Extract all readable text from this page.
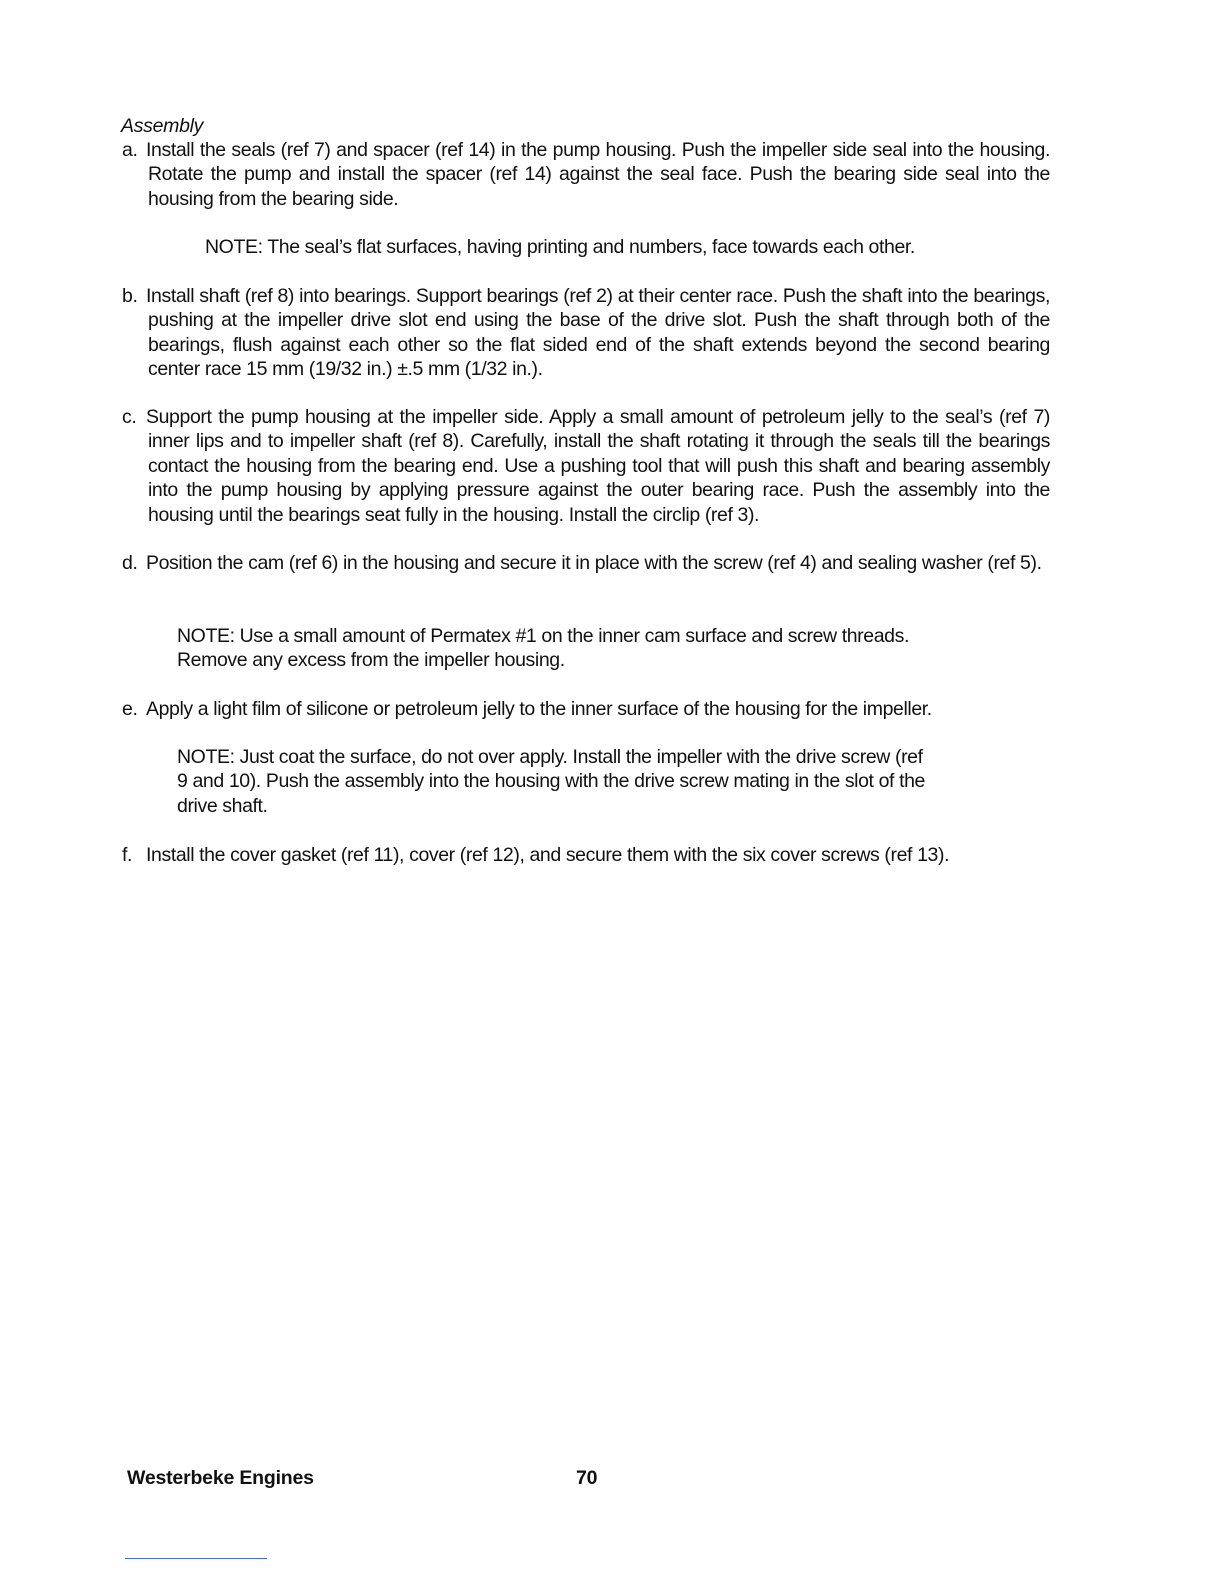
Assembly
a. Install the seals (ref 7) and spacer (ref 14) in the pump housing. Push the impeller side seal into the housing. Rotate the pump and install the spacer (ref 14) against the seal face. Push the bearing side seal into the housing from the bearing side.
NOTE: The seal’s flat surfaces, having printing and numbers, face towards each other.
b. Install shaft (ref 8) into bearings. Support bearings (ref 2) at their center race. Push the shaft into the bearings, pushing at the impeller drive slot end using the base of the drive slot. Push the shaft through both of the bearings, flush against each other so the flat sided end of the shaft extends beyond the second bearing center race 15 mm (19/32 in.) ±.5 mm (1/32 in.).
c. Support the pump housing at the impeller side. Apply a small amount of petroleum jelly to the seal’s (ref 7) inner lips and to impeller shaft (ref 8). Carefully, install the shaft rotating it through the seals till the bearings contact the housing from the bearing end. Use a pushing tool that will push this shaft and bearing assembly into the pump housing by applying pressure against the outer bearing race. Push the assembly into the housing until the bearings seat fully in the housing. Install the circlip (ref 3).
d. Position the cam (ref 6) in the housing and secure it in place with the screw (ref 4) and sealing washer (ref 5).
NOTE: Use a small amount of Permatex #1 on the inner cam surface and screw threads.
Remove any excess from the impeller housing.
e. Apply a light film of silicone or petroleum jelly to the inner surface of the housing for the impeller.
NOTE: Just coat the surface, do not over apply. Install the impeller with the drive screw (ref
9 and 10). Push the assembly into the housing with the drive screw mating in the slot of the
drive shaft.
f. Install the cover gasket (ref 11), cover (ref 12), and secure them with the six cover screws (ref 13).
Westerbeke Engines	70
